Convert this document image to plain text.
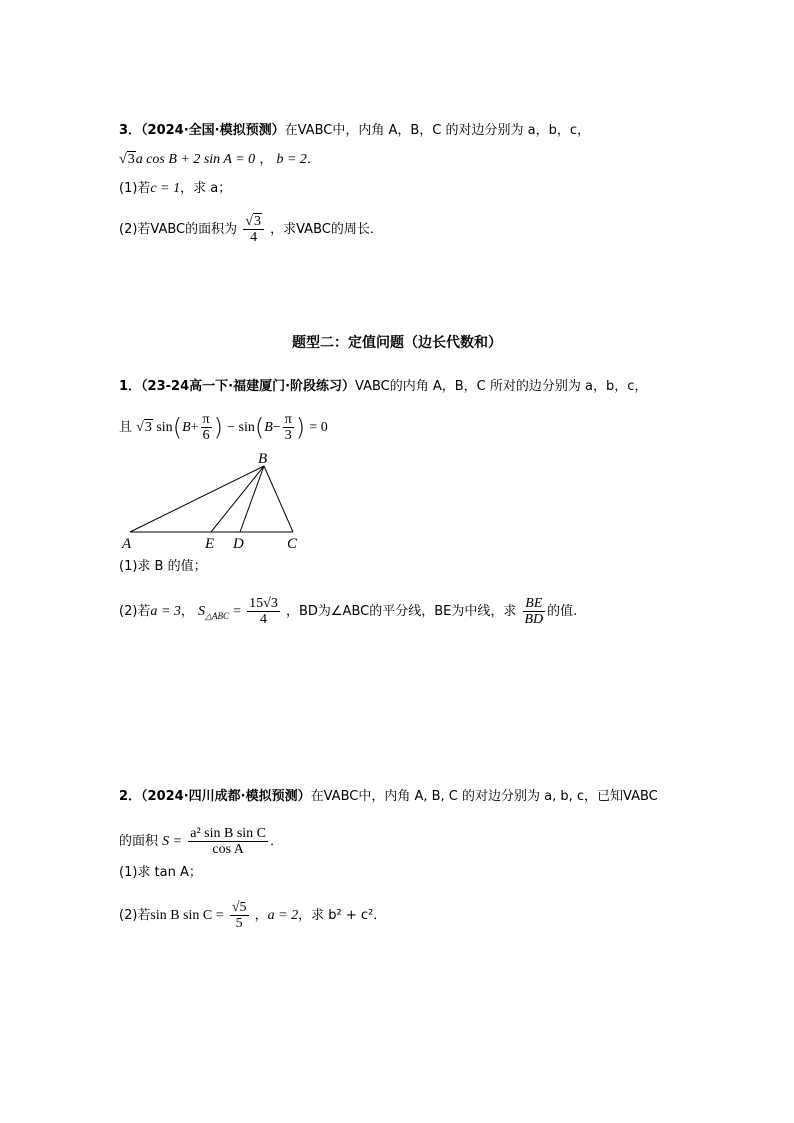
3．（2024·全国·模拟预测）在VABC中，内角 A，B，C 的对边分别为 a，b，c，
√3a cos B + 2 sin A = 0 ， b = 2．
(1)若c = 1，求 a；
(2)若VABC的面积为 $\frac{√3}{4}$ ，求VABC的周长．
题型二：定值问题（边长代数和）
1．（23-24高一下·福建厦门·阶段练习）VABC的内角 A，B，C 所对的边分别为 a，b，c，
且 √3 $\sin(B+ \frac{\pi}{6}$ ) − $\sin(B- \frac{\pi}{3}$ ) = 0
B
A	E D	C
(1)求 B 的值；
(2)若a = 3， $S_{\triangle ABC} = \frac{15√3}{4}$ ，BD为∠ABC的平分线，BE为中线，求 $\frac{BE}{BD}$ 的值.
2．（2024·四川成都·模拟预测）在VABC中，内角 A, B, C 的对边分别为 a, b, c，已知VABC
的面积 $S = \frac{\text{a² sin B sin C}}{\text{cos A}}$ ．
(1)求 tan A；
(2)若sin B $\sin C = \frac{√5}{5}$ ，a = 2，求 b² + c²．
